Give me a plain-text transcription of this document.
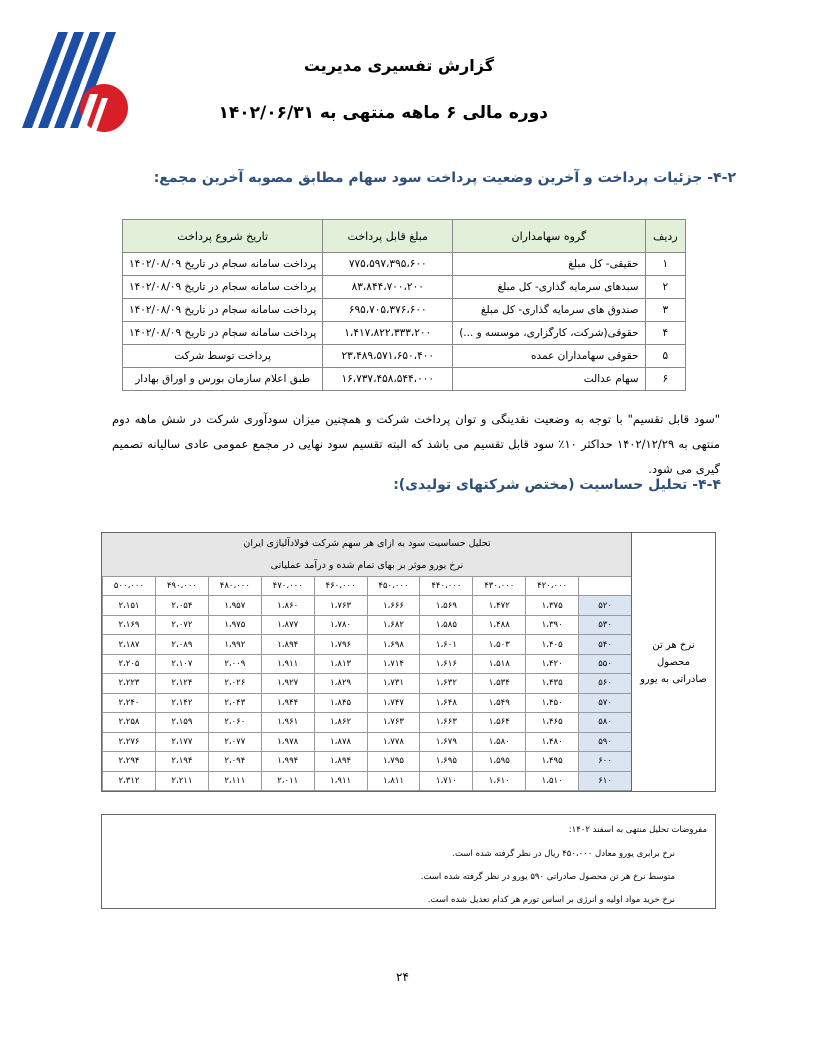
گزارش تفسیری مدیریت
دوره مالی ۶ ماهه منتهی به ۱۴۰۲/۰۶/۳۱
۴-۲- جزئیات پرداخت و آخرین وضعیت پرداخت سود سهام مطابق مصوبه آخرین مجمع:
ردیف	گروه سهامداران	مبلغ قابل پرداخت	تاریخ شروع پرداخت
۱	حقیقی- کل مبلغ	۷۷۵،۵۹۷،۳۹۵،۶۰۰	پرداخت سامانه سجام در تاریخ ۱۴۰۲/۰۸/۰۹
۲	سبدهای سرمایه گذاری- کل مبلغ	۸۳،۸۴۴،۷۰۰،۲۰۰	پرداخت سامانه سجام در تاریخ ۱۴۰۲/۰۸/۰۹
۳	صندوق های سرمایه گذاری- کل مبلغ	۶۹۵،۷۰۵،۳۷۶،۶۰۰	پرداخت سامانه سجام در تاریخ ۱۴۰۲/۰۸/۰۹
۴	حقوقی(شرکت، کارگزاری، موسسه و ...)	۱،۴۱۷،۸۲۲،۳۳۳،۲۰۰	پرداخت سامانه سجام در تاریخ ۱۴۰۲/۰۸/۰۹
۵	حقوقی سهامداران عمده	۲۳،۴۸۹،۵۷۱،۶۵۰،۴۰۰	پرداخت توسط شرکت
۶	سهام عدالت	۱۶،۷۳۷،۴۵۸،۵۴۴،۰۰۰	طبق اعلام سازمان بورس و اوراق بهادار
"سود قابل تقسیم" با توجه به وضعیت نقدینگی و توان پرداخت شرکت و همچنین میزان سودآوری شرکت در شش ماهه دوم منتهی به ۱۴۰۲/۱۲/۲۹ حداکثر ۱۰٪ سود قابل تقسیم می باشد که البته تقسیم سود نهایی در مجمع عمومی عادی سالیانه تصمیم گیری می شود.
۴-۴- تحلیل حساسیت (مختص شرکتهای تولیدی):
تحلیل حساسیت سود به ازای هر سهم شرکت فولادآلیاژی ایران
نرخ یورو موثر بر بهای تمام شده و درآمد عملیاتی
	۴۲۰،۰۰۰	۴۳۰،۰۰۰	۴۴۰،۰۰۰	۴۵۰،۰۰۰	۴۶۰،۰۰۰	۴۷۰،۰۰۰	۴۸۰،۰۰۰	۴۹۰،۰۰۰	۵۰۰،۰۰۰
۵۲۰	۱،۳۷۵	۱،۴۷۲	۱،۵۶۹	۱،۶۶۶	۱،۷۶۳	۱،۸۶۰	۱،۹۵۷	۲،۰۵۴	۲،۱۵۱
۵۳۰	۱،۳۹۰	۱،۴۸۸	۱،۵۸۵	۱،۶۸۲	۱،۷۸۰	۱،۸۷۷	۱،۹۷۵	۲،۰۷۲	۲،۱۶۹
۵۴۰	۱،۴۰۵	۱،۵۰۳	۱،۶۰۱	۱،۶۹۸	۱،۷۹۶	۱،۸۹۴	۱،۹۹۲	۲،۰۸۹	۲،۱۸۷
۵۵۰	۱،۴۲۰	۱،۵۱۸	۱،۶۱۶	۱،۷۱۴	۱،۸۱۳	۱،۹۱۱	۲،۰۰۹	۲،۱۰۷	۲،۲۰۵
۵۶۰	۱،۴۳۵	۱،۵۳۴	۱،۶۳۲	۱،۷۳۱	۱،۸۲۹	۱،۹۲۷	۲،۰۲۶	۲،۱۲۴	۲،۲۲۳
۵۷۰	۱،۴۵۰	۱،۵۴۹	۱،۶۴۸	۱،۷۴۷	۱،۸۴۵	۱،۹۴۴	۲،۰۴۳	۲،۱۴۲	۲،۲۴۰
۵۸۰	۱،۴۶۵	۱،۵۶۴	۱،۶۶۳	۱،۷۶۳	۱،۸۶۲	۱،۹۶۱	۲،۰۶۰	۲،۱۵۹	۲،۲۵۸
۵۹۰	۱،۴۸۰	۱،۵۸۰	۱،۶۷۹	۱،۷۷۸	۱،۸۷۸	۱،۹۷۸	۲،۰۷۷	۲،۱۷۷	۲،۲۷۶
۶۰۰	۱،۴۹۵	۱،۵۹۵	۱،۶۹۵	۱،۷۹۵	۱،۸۹۴	۱،۹۹۴	۲،۰۹۴	۲،۱۹۴	۲،۲۹۴
۶۱۰	۱،۵۱۰	۱،۶۱۰	۱،۷۱۰	۱،۸۱۱	۱،۹۱۱	۲،۰۱۱	۲،۱۱۱	۲،۲۱۱	۲،۳۱۲
نرخ هر تن محصول صادراتی به یورو
مفروضات تحلیل منتهی به اسفند ۱۴۰۲:
نرخ برابری یورو معادل ۴۵۰،۰۰۰ ریال در نظر گرفته شده است.
متوسط نرخ هر تن محصول صادراتی ۵۹۰ یورو در نظر گرفته شده است.
نرخ خرید مواد اولیه و انرژی بر اساس تورم هر کدام تعدیل شده است.
۲۴
